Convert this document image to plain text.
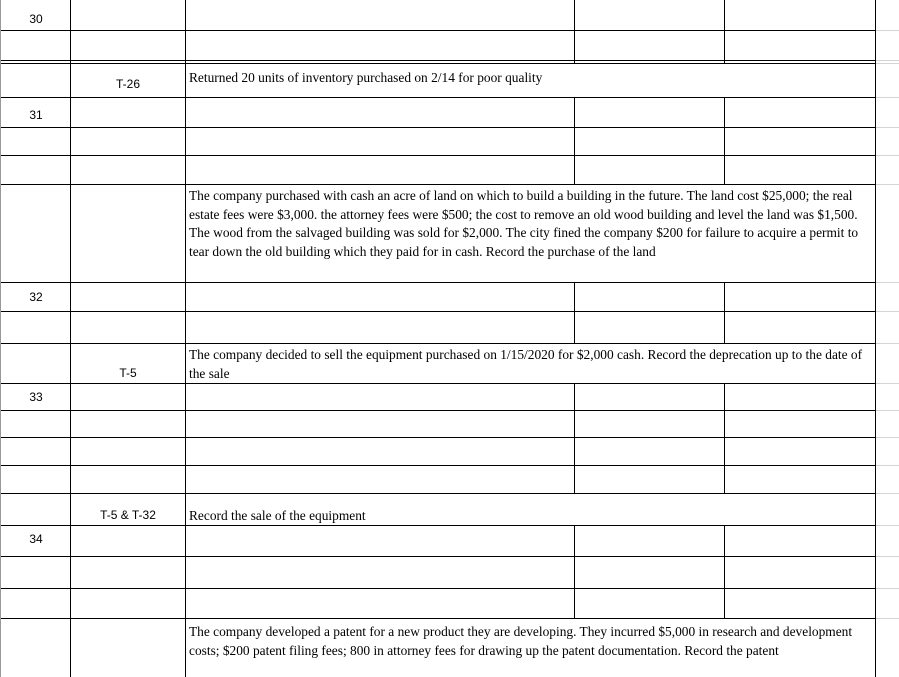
30
31
32
33
34
T-26
T-5
T-5 & T-32
Returned 20 units of inventory purchased on 2/14 for poor quality
The company purchased with cash an acre of land on which to build a building in the future. The land cost $25,000; the real estate fees were $3,000. the attorney fees were $500; the cost to remove an old wood building and level the land was $1,500. The wood from the salvaged building was sold for $2,000. The city fined the company $200 for failure to acquire a permit to tear down the old building which they paid for in cash. Record the purchase of the land
The company decided to sell the equipment purchased on 1/15/2020 for $2,000 cash. Record the deprecation up to the date of the sale
Record the sale of the equipment
The company developed a patent for a new product they are developing. They incurred $5,000 in research and development costs; $200 patent filing fees; 800 in attorney fees for drawing up the patent documentation. Record the patent
